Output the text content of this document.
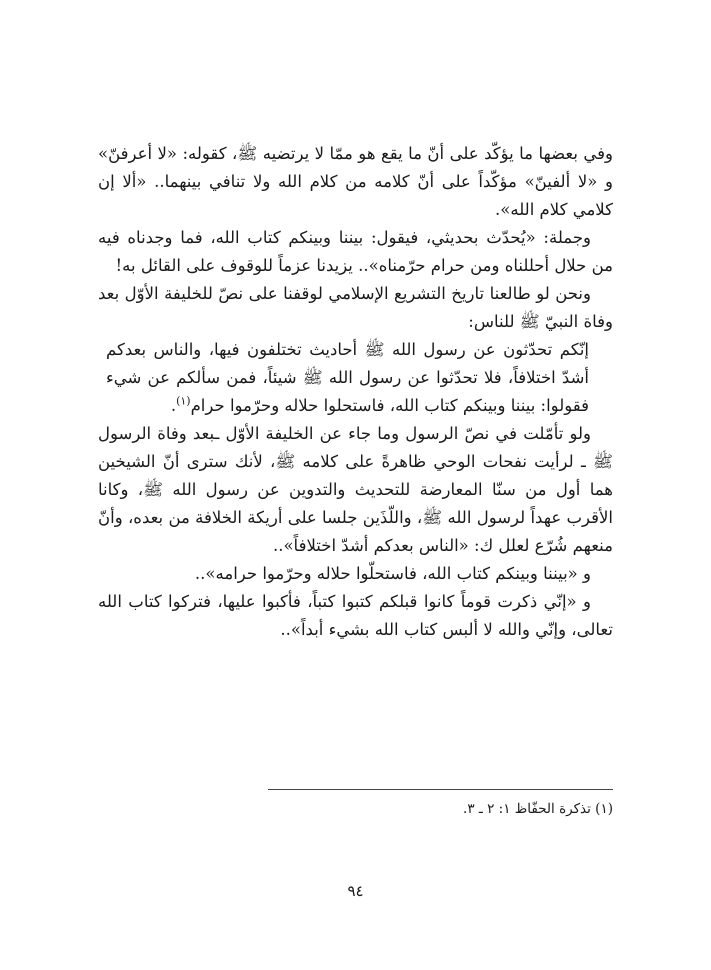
وفي بعضها ما يؤكّد على أنّ ما يقع هو ممّا لا يرتضيه ﷺ، كقوله: «لا أعرفنّ» و «لا ألفينّ» مؤكّداً على أنّ كلامه من كلام الله ولا تنافي بينهما.. «ألا إن كلامي كلام الله».

وجملة: «يُحدّث بحديثي، فيقول: بيننا وبينكم كتاب الله، فما وجدناه فيه من حلال أحللناه ومن حرام حرّمناه».. يزيدنا عزماً للوقوف على القائل به!

ونحن لو طالعنا تاريخ التشريع الإسلامي لوقفنا على نصّ للخليفة الأوّل بعد وفاة النبيّ ﷺ للناس:

إنّكم تحدّثون عن رسول الله ﷺ أحاديث تختلفون فيها، والناس بعدكم أشدّ اختلافاً، فلا تحدّثوا عن رسول الله ﷺ شيئاً، فمن سألكم عن شيء فقولوا: بيننا وبينكم كتاب الله، فاستحلوا حلاله وحرّموا حرام$^{(١)}$.

ولو تأمّلت في نصّ الرسول وما جاء عن الخليفة الأوّل ـبعد وفاة الرسول ﷺ ـ لرأيت نفحات الوحي ظاهرةً على كلامه ﷺ، لأنك سترى أنّ الشيخين هما أول من سنّا المعارضة للتحديث والتدوين عن رسول الله ﷺ، وكانا الأقرب عهداً لرسول الله ﷺ، واللّذَين جلسا على أريكة الخلافة من بعده، وأنّ منعهم شُرّع لعلل ك: «الناس بعدكم أشدّ اختلافاً»..

و «بيننا وبينكم كتاب الله، فاستحلّوا حلاله وحرّموا حرامه»..

و «إنّي ذكرت قوماً كانوا قبلكم كتبوا كتباً، فأكبوا عليها، فتركوا كتاب الله تعالى، وإنّي والله لا ألبس كتاب الله بشيء أبداً»..

(١) تذكرة الحفّاظ ١: ٢ ـ ٣.

٩٤
